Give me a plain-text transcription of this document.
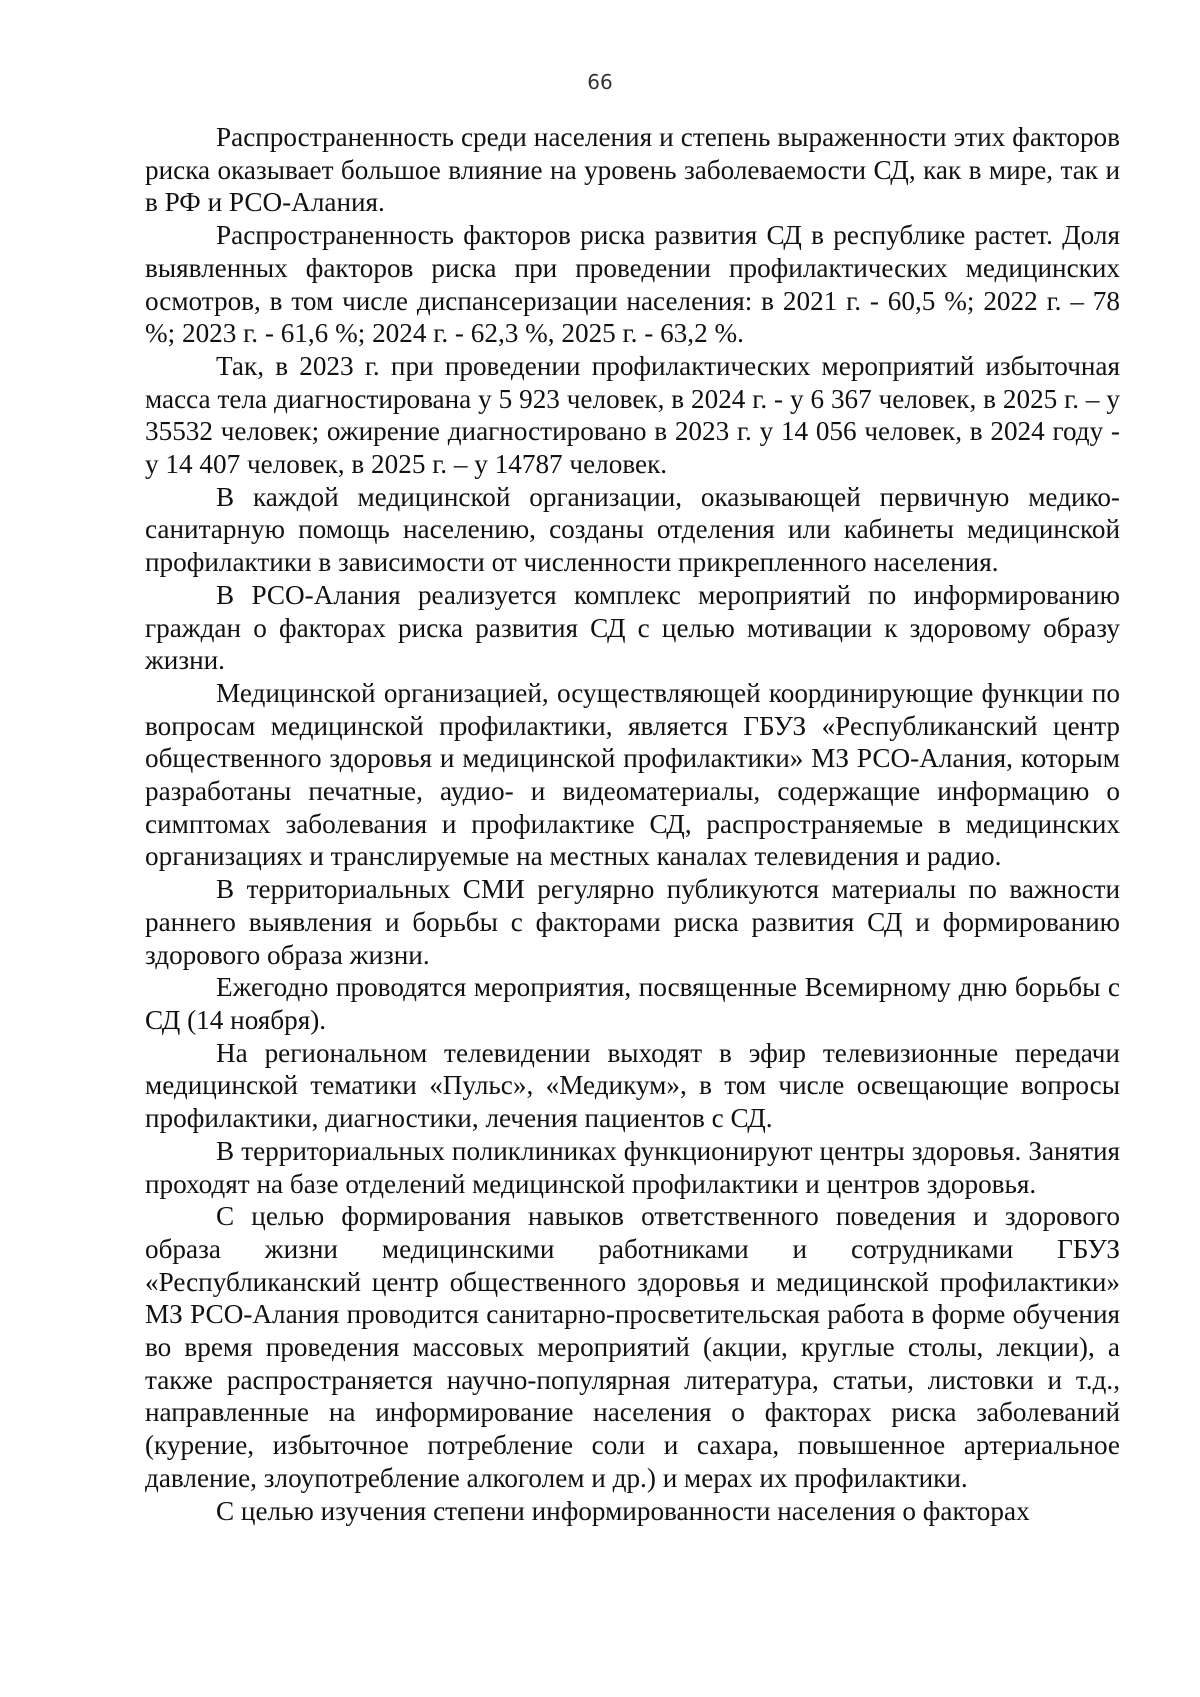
66

Распространенность среди населения и степень выраженности этих факторов риска оказывает большое влияние на уровень заболеваемости СД, как в мире, так и в РФ и РСО-Алания.

Распространенность факторов риска развития СД в республике растет. Доля выявленных факторов риска при проведении профилактических медицинских осмотров, в том числе диспансеризации населения: в 2021 г. - 60,5 %; 2022 г. – 78 %; 2023 г. - 61,6 %; 2024 г. - 62,3 %, 2025 г. - 63,2 %.

Так, в 2023 г. при проведении профилактических мероприятий избыточная масса тела диагностирована у 5 923 человек, в 2024 г. - у 6 367 человек, в 2025 г. – у 35532 человек; ожирение диагностировано в 2023 г. у 14 056 человек, в 2024 году - у 14 407 человек, в 2025 г. – у 14787 человек.

В каждой медицинской организации, оказывающей первичную медико-санитарную помощь населению, созданы отделения или кабинеты медицинской профилактики в зависимости от численности прикрепленного населения.

В РСО-Алания реализуется комплекс мероприятий по информированию граждан о факторах риска развития СД с целью мотивации к здоровому образу жизни.

Медицинской организацией, осуществляющей координирующие функции по вопросам медицинской профилактики, является ГБУЗ «Республиканский центр общественного здоровья и медицинской профилактики» МЗ РСО-Алания, которым разработаны печатные, аудио- и видеоматериалы, содержащие информацию о симптомах заболевания и профилактике СД, распространяемые в медицинских организациях и транслируемые на местных каналах телевидения и радио.

В территориальных СМИ регулярно публикуются материалы по важности раннего выявления и борьбы с факторами риска развития СД и формированию здорового образа жизни.

Ежегодно проводятся мероприятия, посвященные Всемирному дню борьбы с СД (14 ноября).

На региональном телевидении выходят в эфир телевизионные передачи медицинской тематики «Пульс», «Медикум», в том числе освещающие вопросы профилактики, диагностики, лечения пациентов с СД.

В территориальных поликлиниках функционируют центры здоровья. Занятия проходят на базе отделений медицинской профилактики и центров здоровья.

С целью формирования навыков ответственного поведения и здорового образа жизни медицинскими работниками и сотрудниками ГБУЗ «Республиканский центр общественного здоровья и медицинской профилактики» МЗ РСО-Алания проводится санитарно-просветительская работа в форме обучения во время проведения массовых мероприятий (акции, круглые столы, лекции), а также распространяется научно-популярная литература, статьи, листовки и т.д., направленные на информирование населения о факторах риска заболеваний (курение, избыточное потребление соли и сахара, повышенное артериальное давление, злоупотребление алкоголем и др.) и мерах их профилактики.

С целью изучения степени информированности населения о факторах
